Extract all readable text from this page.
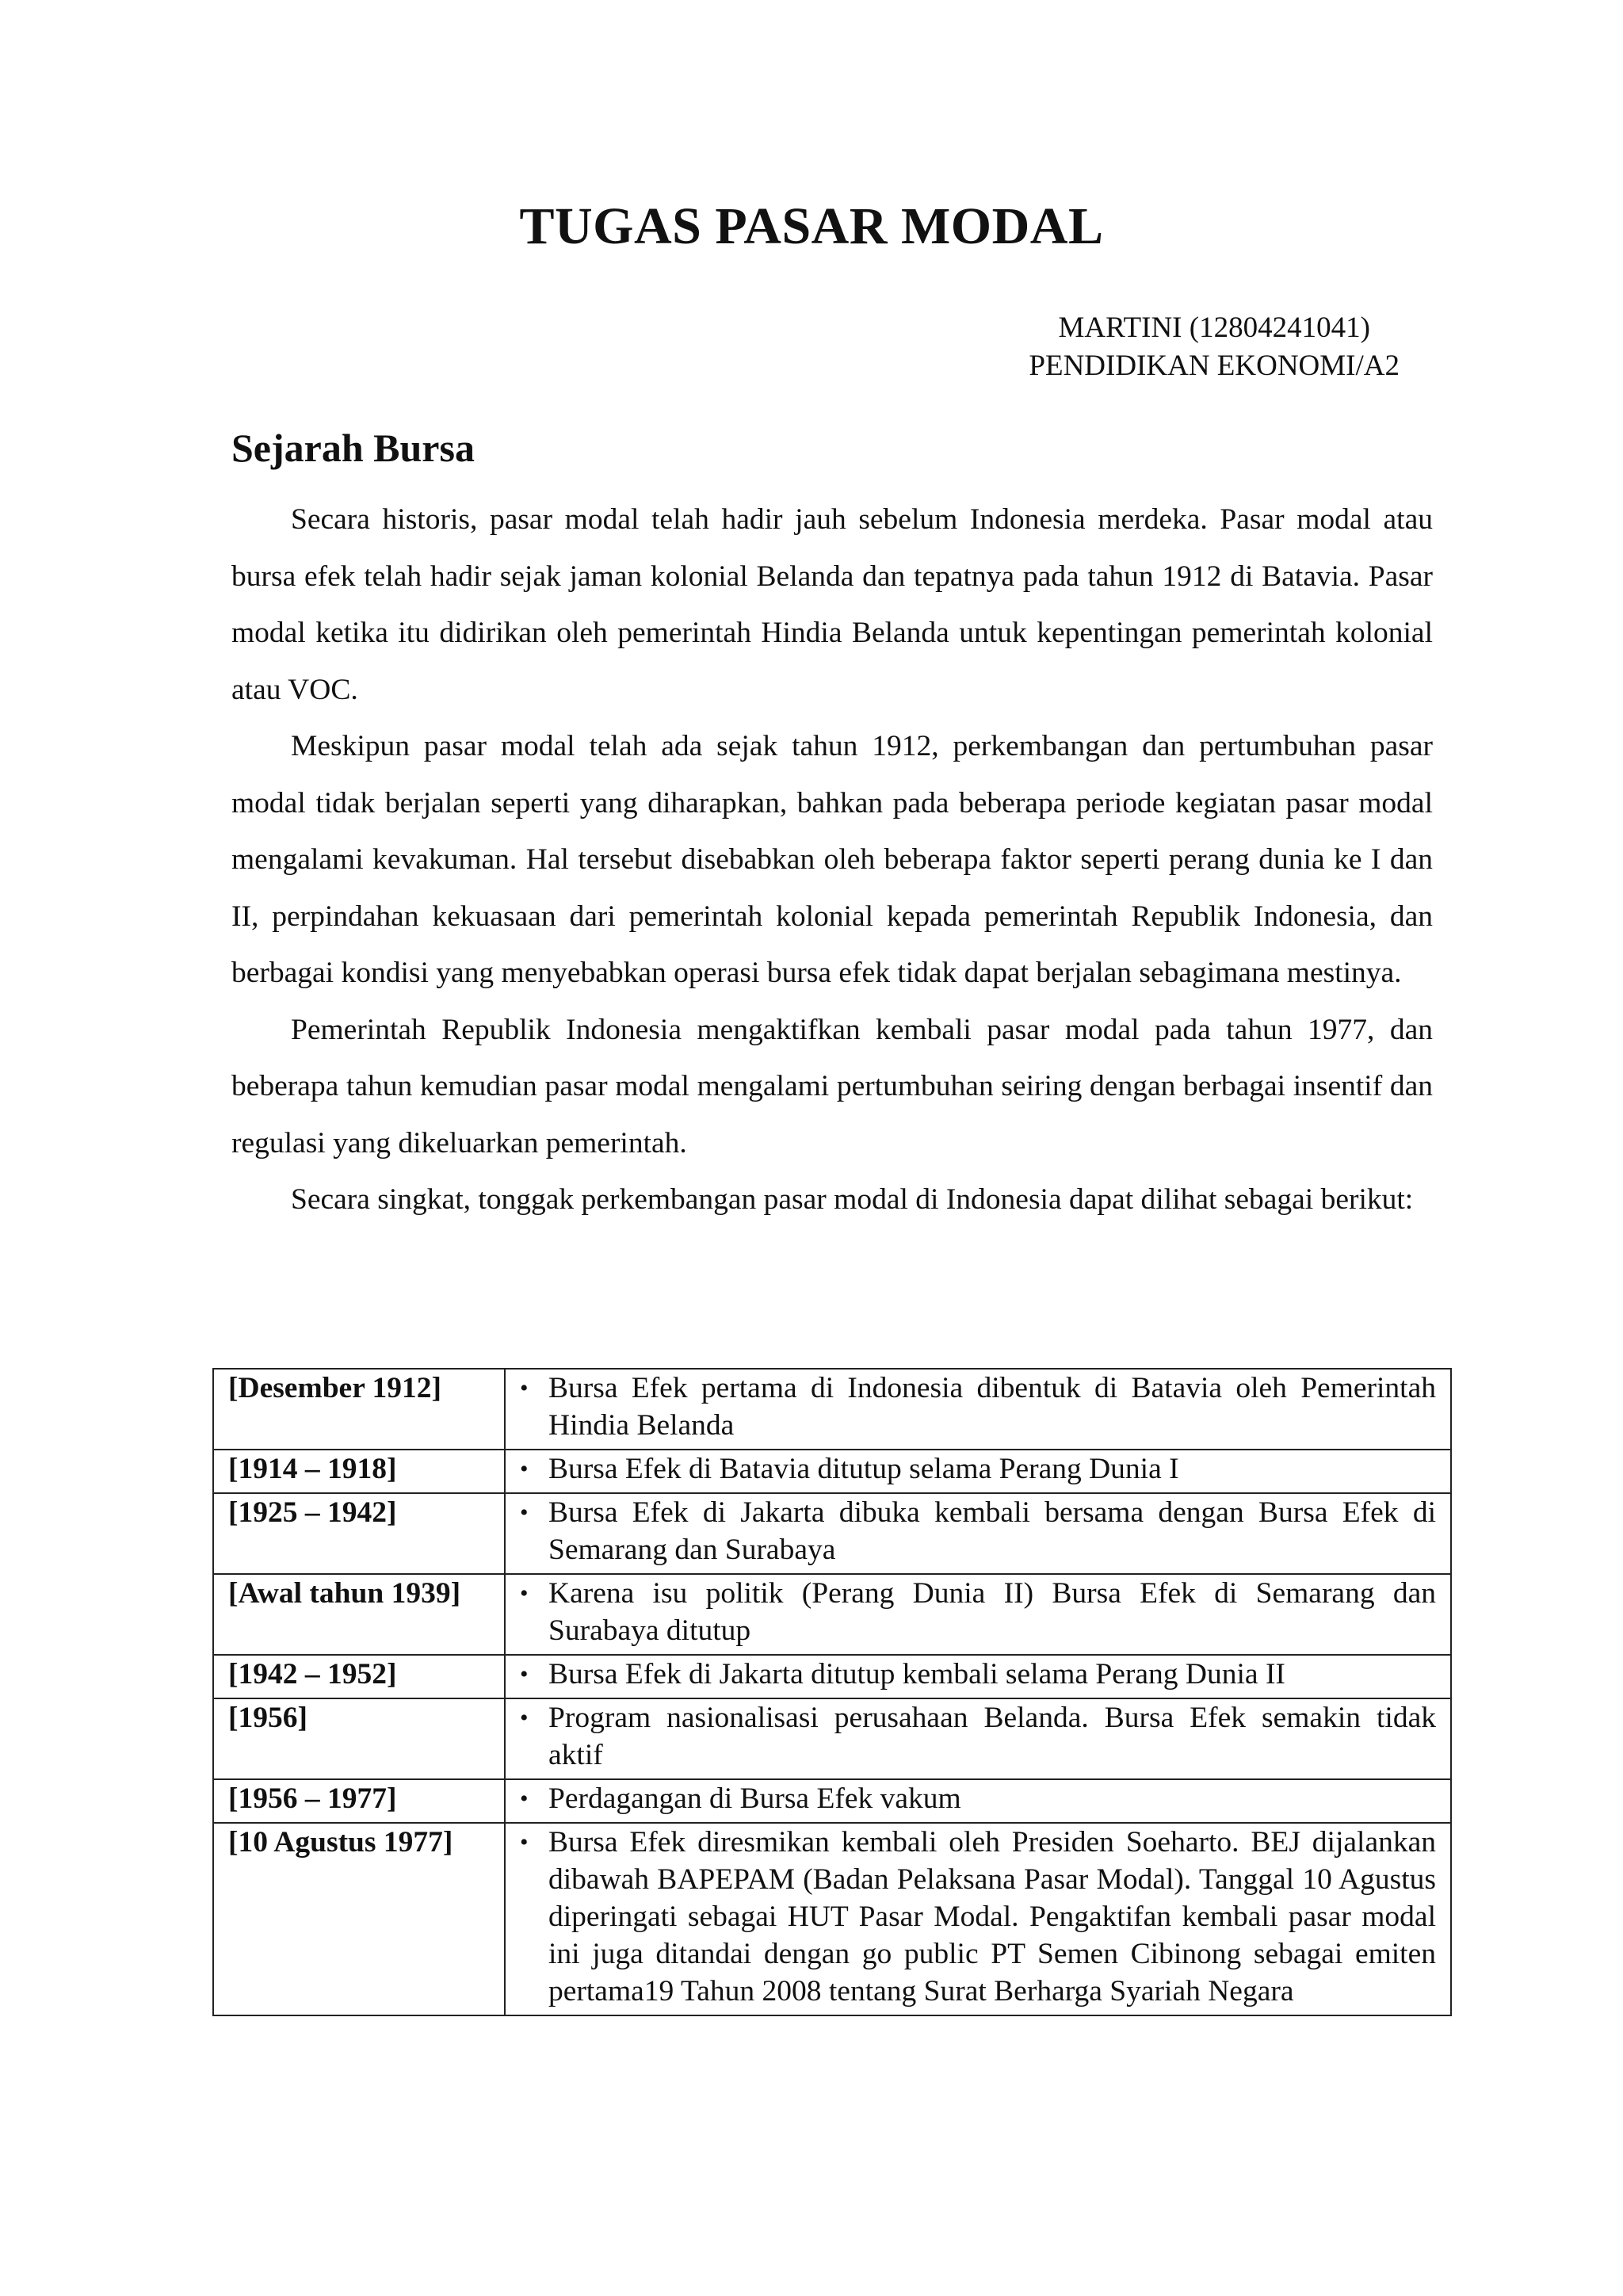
TUGAS PASAR MODAL
MARTINI (12804241041)
PENDIDIKAN EKONOMI/A2
Sejarah Bursa

Secara historis, pasar modal telah hadir jauh sebelum Indonesia merdeka. Pasar modal atau bursa efek telah hadir sejak jaman kolonial Belanda dan tepatnya pada tahun 1912 di Batavia. Pasar modal ketika itu didirikan oleh pemerintah Hindia Belanda untuk kepentingan pemerintah kolonial atau VOC.

Meskipun pasar modal telah ada sejak tahun 1912, perkembangan dan pertumbuhan pasar modal tidak berjalan seperti yang diharapkan, bahkan pada beberapa periode kegiatan pasar modal mengalami kevakuman. Hal tersebut disebabkan oleh beberapa faktor seperti perang dunia ke I dan II, perpindahan kekuasaan dari pemerintah kolonial kepada pemerintah Republik Indonesia, dan berbagai kondisi yang menyebabkan operasi bursa efek tidak dapat berjalan sebagimana mestinya.

Pemerintah Republik Indonesia mengaktifkan kembali pasar modal pada tahun 1977, dan beberapa tahun kemudian pasar modal mengalami pertumbuhan seiring dengan berbagai insentif dan regulasi yang dikeluarkan pemerintah.

Secara singkat, tonggak perkembangan pasar modal di Indonesia dapat dilihat sebagai berikut:

[Desember 1912]	• Bursa Efek pertama di Indonesia dibentuk di Batavia oleh Pemerintah Hindia Belanda

[1914 – 1918]	• Bursa Efek di Batavia ditutup selama Perang Dunia I

[1925 – 1942]	• Bursa Efek di Jakarta dibuka kembali bersama dengan Bursa Efek di Semarang dan Surabaya

[Awal tahun 1939]	• Karena isu politik (Perang Dunia II) Bursa Efek di Semarang dan Surabaya ditutup

[1942 – 1952]	• Bursa Efek di Jakarta ditutup kembali selama Perang Dunia II

[1956]	• Program nasionalisasi perusahaan Belanda. Bursa Efek semakin tidak aktif

[1956 – 1977]	• Perdagangan di Bursa Efek vakum

[10 Agustus 1977]	• Bursa Efek diresmikan kembali oleh Presiden Soeharto. BEJ dijalankan dibawah BAPEPAM (Badan Pelaksana Pasar Modal). Tanggal 10 Agustus diperingati sebagai HUT Pasar Modal. Pengaktifan kembali pasar modal ini juga ditandai dengan go public PT Semen Cibinong sebagai emiten pertama19 Tahun 2008 tentang Surat Berharga Syariah Negara
